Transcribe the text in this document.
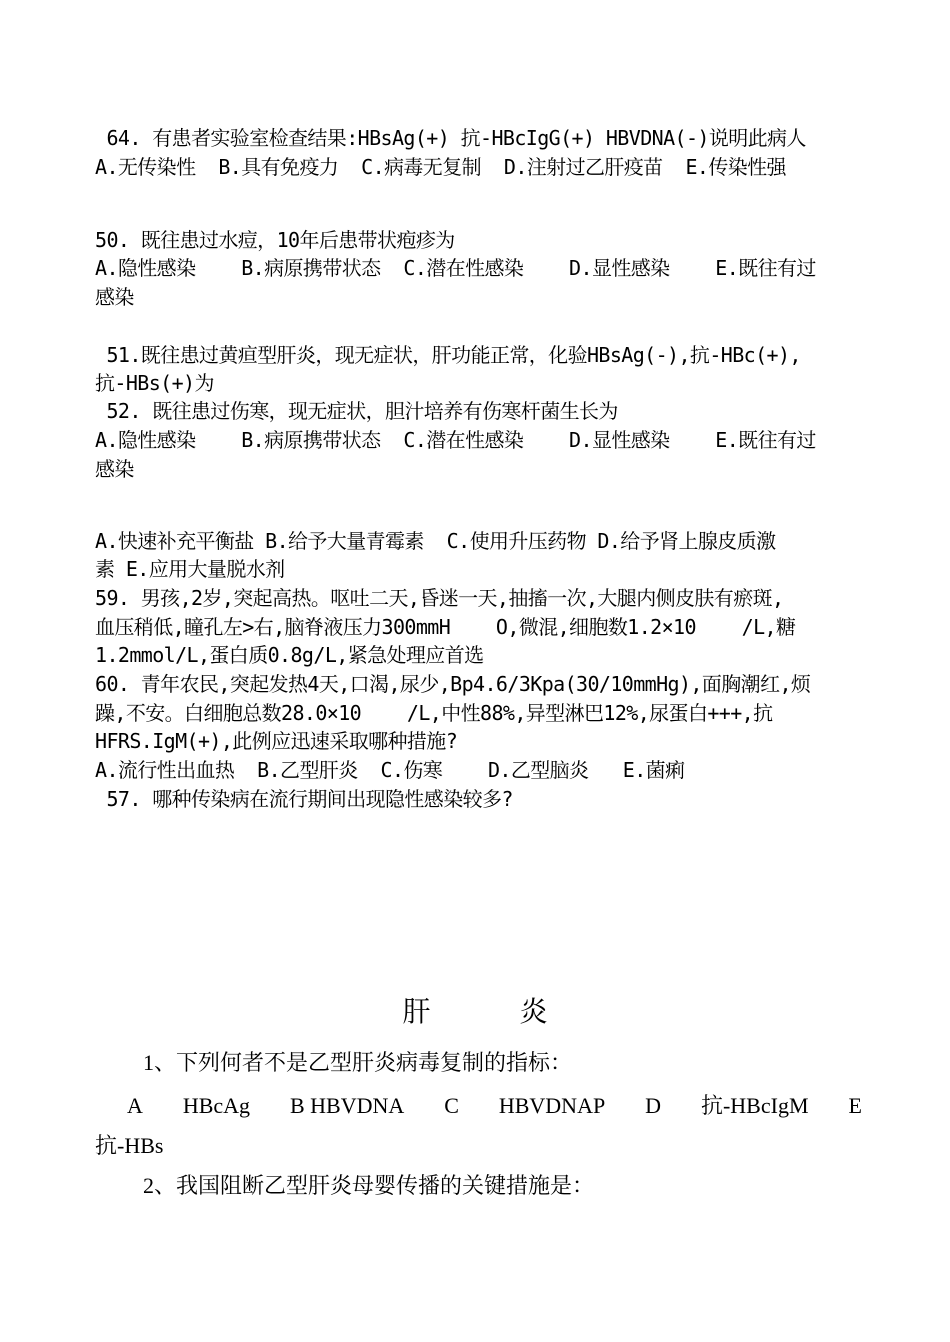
64. 有患者实验室检查结果:HBsAg(+) 抗-HBcIgG(+) HBVDNA(-)说明此病人
A.无传染性  B.具有免疫力  C.病毒无复制  D.注射过乙肝疫苗  E.传染性强
50. 既往患过水痘，10年后患带状疱疹为
A.隐性感染    B.病原携带状态  C.潜在性感染    D.显性感染    E.既往有过
感染
51.既往患过黄疸型肝炎，现无症状，肝功能正常，化验HBsAg(-),抗-HBc(+),
抗-HBs(+)为
52. 既往患过伤寒，现无症状，胆汁培养有伤寒杆菌生长为
A.隐性感染    B.病原携带状态  C.潜在性感染    D.显性感染    E.既往有过
感染
A.快速补充平衡盐 B.给予大量青霉素  C.使用升压药物 D.给予肾上腺皮质激
素 E.应用大量脱水剂
59. 男孩,2岁,突起高热。呕吐二天,昏迷一天,抽搐一次,大腿内侧皮肤有瘀斑,
血压稍低,瞳孔左>右,脑脊液压力300mmH    O,微混,细胞数1.2×10    /L,糖
1.2mmol/L,蛋白质0.8g/L,紧急处理应首选
60. 青年农民,突起发热4天,口渴,尿少,Bp4.6/3Kpa(30/10mmHg),面胸潮红,烦
躁,不安。白细胞总数28.0×10    /L,中性88%,异型淋巴12%,尿蛋白+++,抗
HFRS.IgM(+),此例应迅速采取哪种措施?
A.流行性出血热  B.乙型肝炎  C.伤寒    D.乙型脑炎   E.菌痢
57. 哪种传染病在流行期间出现隐性感染较多?
肝 炎
1、下列何者不是乙型肝炎病毒复制的指标：
A HBcAg B HBVDNA C HBVDNAP D 抗-HBcIgM E
抗-HBs
2、我国阻断乙型肝炎母婴传播的关键措施是：
